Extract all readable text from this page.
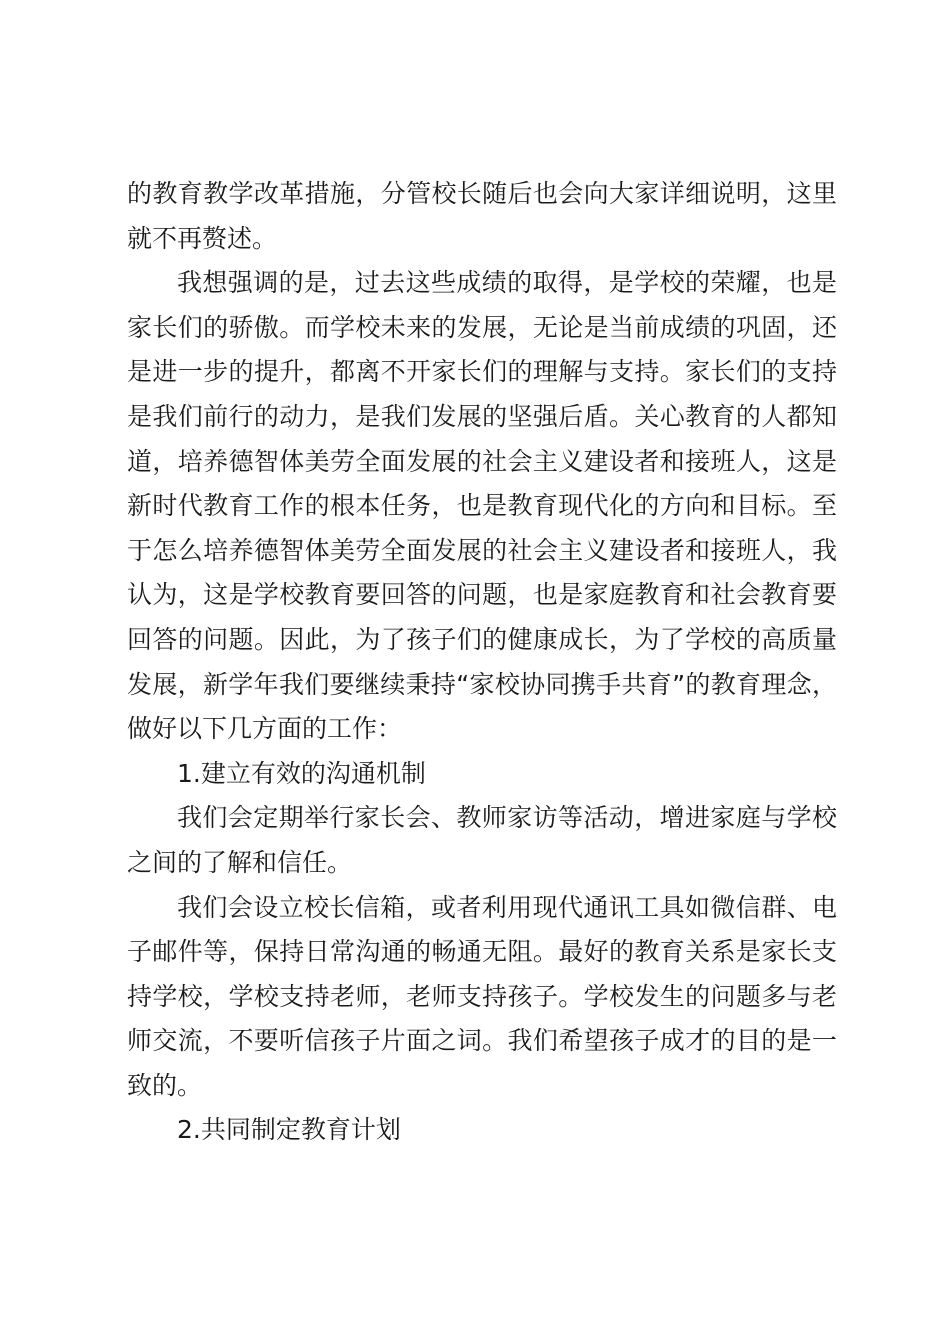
的教育教学改革措施，分管校长随后也会向大家详细说明，这里就不再赘述。

我想强调的是，过去这些成绩的取得，是学校的荣耀，也是家长们的骄傲。而学校未来的发展，无论是当前成绩的巩固，还是进一步的提升，都离不开家长们的理解与支持。家长们的支持是我们前行的动力，是我们发展的坚强后盾。关心教育的人都知道，培养德智体美劳全面发展的社会主义建设者和接班人，这是新时代教育工作的根本任务，也是教育现代化的方向和目标。至于怎么培养德智体美劳全面发展的社会主义建设者和接班人，我认为，这是学校教育要回答的问题，也是家庭教育和社会教育要回答的问题。因此，为了孩子们的健康成长，为了学校的高质量发展，新学年我们要继续秉持“家校协同携手共育”的教育理念，做好以下几方面的工作：

1.建立有效的沟通机制

我们会定期举行家长会、教师家访等活动，增进家庭与学校之间的了解和信任。

我们会设立校长信箱，或者利用现代通讯工具如微信群、电子邮件等，保持日常沟通的畅通无阻。最好的教育关系是家长支持学校，学校支持老师，老师支持孩子。学校发生的问题多与老师交流，不要听信孩子片面之词。我们希望孩子成才的目的是一致的。

2.共同制定教育计划
